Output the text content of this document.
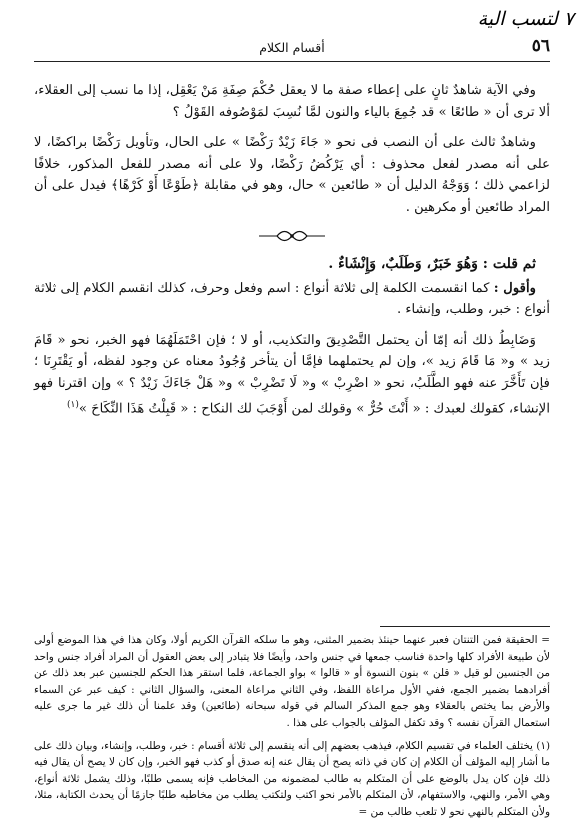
٧ لتسب الية
٥٦
أقسام الكلام

وفي الآية شاهدٌ ثانٍ على إعطاء صفة ما لا يعقل حُكْمَ صِفَةِ مَنْ يَعْقِل، إذا ما نسب إلى العقلاء، ألا ترى أن « طائعًا » قد جُمِعَ بالياء والنون لمَّا نُسِبَ لمَوْصُوفه القَوْلُ ؟

وشاهدٌ ثالث على أن النصب فى نحو « جَاءَ زَيْدٌ رَكْضًا » على الحال، وتأويل رَكْضًا براكضًا، لا على أنه مصدر لفعل محذوف : أي يَرْكُضُ رَكْضًا، ولا على أنه مصدر للفعل المذكور، خلافًا لزاعمي ذلك ؛ وَوَجْهُ الدليل أن « طائعين » حال، وهو في مقابلة ﴿طَوْعًا أَوْ كَرْهًا﴾ فيدل على أن المراد طائعين أو مكرهين .

ثم قلت : وَهُوَ خَبَرٌ، وَطَلَبٌ، وَإِنْشَاءٌ .

وأقول : كما انقسمت الكلمة إلى ثلاثة أنواع : اسم وفعل وحرف، كذلك انقسم الكلام إلى ثلاثة أنواع : خبر، وطلب، وإنشاء .

وَضَابِطُ ذلك أنه إمّا أن يحتمل التَّصْدِيقَ والتكذيب، أو لا ؛ فإن احْتَمَلَهُمَا فهو الخبر، نحو « قَامَ زيد » و« مَا قَامَ زيد »، وإن لم يحتملهما فإمَّا أن يتأخر وُجُودُ معناه عن وجود لفظه، أو يَقْتَرِنَا ؛ فإن تَأَخَّرَ عنه فهو الطَّلَبُ، نحو « اضْرِبْ » و« لَا تَضْرِبْ » و« هَلْ جَاءَكَ زَيْدٌ ؟ » وإن اقترنا فهو الإنشاء، كقولك لعبدك : « أَنْتَ حُرٌّ » وقولك لمن أَوْجَبَ لك النكاح : « قَبِلْتُ هَذَا النِّكَاحَ »$^{(١)}$

= الحقيقة فمن التنتان فعبر عنهما حينئذ بضمير المثنى، وهو ما سلكه القرآن الكريم أولا، وكان هذا في هذا الموضع أولى لأن طبيعة الأفراد كلها واحدة فناسب جمعها في جنس واحد، وأيضًا فلا يتبادر إلى بعض العقول أن المراد أفراد جنس واحد من الجنسين لو قيل « قلن » بنون النسوة أو « قالوا » بواو الجماعة، فلما استقر هذا الحكم للجنسين عبر بعد ذلك عن أفرادهما بضمير الجمع، ففي الأول مراعاة اللفظ، وفي الثاني مراعاة المعنى، والسؤال الثاني : كيف عبر عن السماء والأرض بما يختص بالعقلاء وهو جمع المذكر السالم في قوله سبحانه (طائعين) وقد علمنا أن ذلك غير ما جرى عليه استعمال القرآن نفسه ؟ وقد تكفل المؤلف بالجواب على هذا .

(١) يختلف العلماء في تقسيم الكلام، فيذهب بعضهم إلى أنه ينقسم إلى ثلاثة أقسام : خبر، وطلب، وإنشاء، وبيان ذلك على ما أشار إليه المؤلف أن الكلام إن كان في ذاته يصح أن يقال عنه إنه صدق أو كذب فهو الخبر، وإن كان لا يصح أن يقال فيه ذلك فإن كان يدل بالوضع على أن المتكلم به طالب لمضمونه من المخاطب فإنه يسمى طلبًا، وذلك يشمل ثلاثة أنواع، وهي الأمر، والنهي، والاستفهام، لأن المتكلم بالأمر نحو اكتب ولتكتب يطلب من مخاطبه طلبًا جازمًا أن يحدث الكتابة، مثلا، ولأن المتكلم بالنهي نحو لا تلعب طالب من =
